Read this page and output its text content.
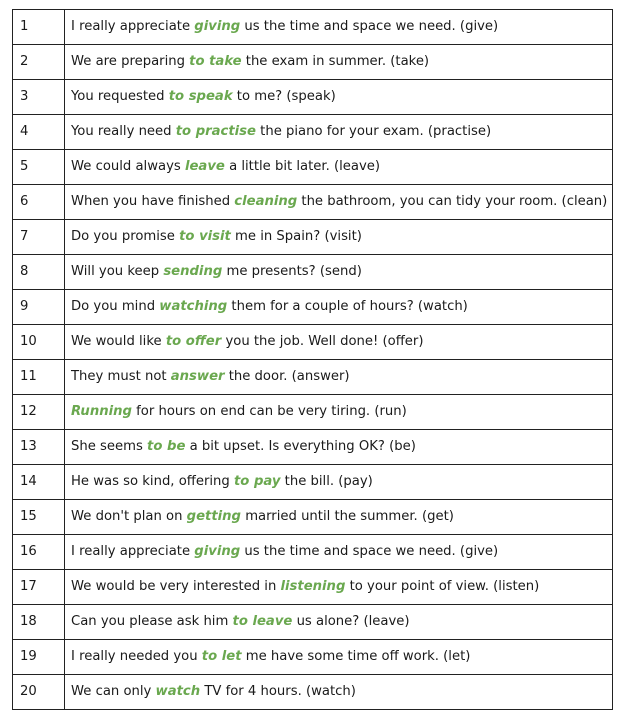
1	I really appreciate giving us the time and space we need. (give)
2	We are preparing to take the exam in summer. (take)
3	You requested to speak to me? (speak)
4	You really need to practise the piano for your exam. (practise)
5	We could always leave a little bit later. (leave)
6	When you have finished cleaning the bathroom, you can tidy your room. (clean)
7	Do you promise to visit me in Spain? (visit)
8	Will you keep sending me presents? (send)
9	Do you mind watching them for a couple of hours? (watch)
10	We would like to offer you the job. Well done! (offer)
11	They must not answer the door. (answer)
12	Running for hours on end can be very tiring. (run)
13	She seems to be a bit upset. Is everything OK? (be)
14	He was so kind, offering to pay the bill. (pay)
15	We don't plan on getting married until the summer. (get)
16	I really appreciate giving us the time and space we need. (give)
17	We would be very interested in listening to your point of view. (listen)
18	Can you please ask him to leave us alone? (leave)
19	I really needed you to let me have some time off work. (let)
20	We can only watch TV for 4 hours. (watch)
